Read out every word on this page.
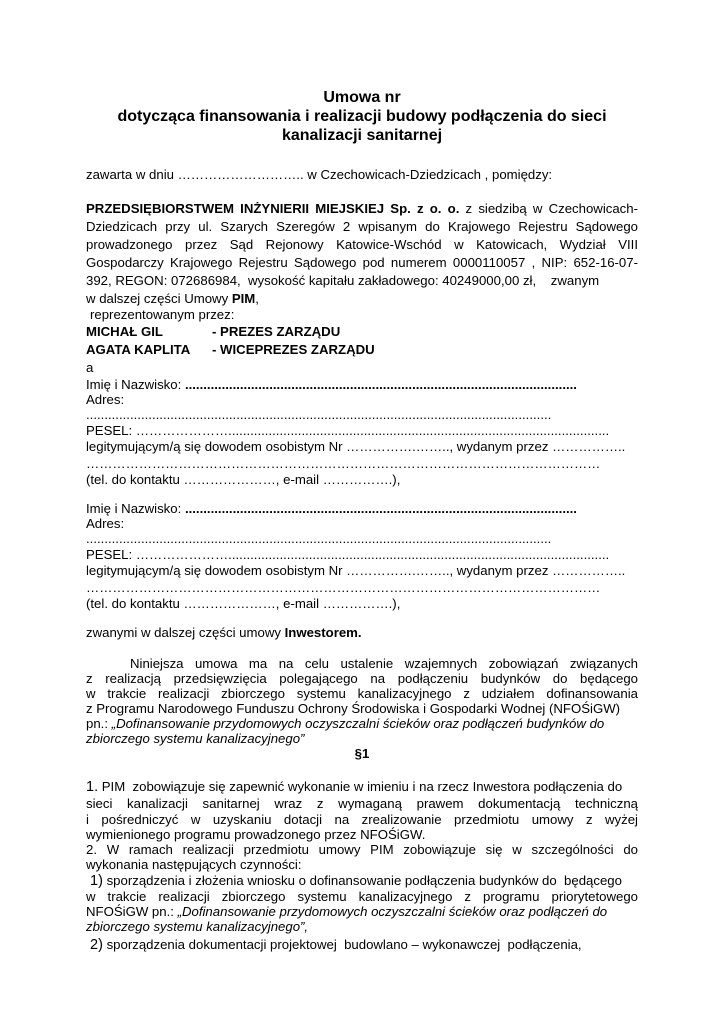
Umowa nr
dotycząca finansowania i realizacji budowy podłączenia do sieci
kanalizacji sanitarnej
zawarta w dniu ……………………….. w Czechowicach-Dziedzicach , pomiędzy:
PRZEDSIĘBIORSTWEM INŻYNIERII MIEJSKIEJ Sp. z o. o. z siedzibą w Czechowicach-
Dziedzicach przy ul. Szarych Szeregów 2 wpisanym do Krajowego Rejestru Sądowego
prowadzonego przez Sąd Rejonowy Katowice-Wschód w Katowicach, Wydział VIII
Gospodarczy Krajowego Rejestru Sądowego pod numerem 0000110057 , NIP: 652-16-07-
392, REGON: 072686984,  wysokość kapitału zakładowego: 40249000,00 zł,    zwanym
w dalszej części Umowy PIM,
reprezentowanym przez:
MICHAŁ GIL	- PREZES ZARZĄDU
AGATA KAPLITA - WICEPREZES ZARZĄDU
a
Imię i Nazwisko: ...........................................................................................................
Adres:
...............................................................................................................................
PESEL: …………………........................................................................................................
legitymującym/ą się dowodem osobistym Nr …………….…….., wydanym przez ……………..
………………………………………………………………………………………………………
(tel. do kontaktu …………………, e-mail …………….),
Imię i Nazwisko: ...........................................................................................................
Adres:
...............................................................................................................................
PESEL: …………………........................................................................................................
legitymującym/ą się dowodem osobistym Nr …………….…….., wydanym przez ……………..
………………………………………………………………………………………………………
(tel. do kontaktu …………………, e-mail …………….),
zwanymi w dalszej części umowy Inwestorem.
Niniejsza umowa ma na celu ustalenie wzajemnych zobowiązań związanych
z realizacją przedsięwzięcia polegającego na podłączeniu budynków do będącego
w trakcie realizacji zbiorczego systemu kanalizacyjnego z udziałem dofinansowania
z Programu Narodowego Funduszu Ochrony Środowiska i Gospodarki Wodnej (NFOŚiGW)
pn.: „Dofinansowanie przydomowych oczyszczalni ścieków oraz podłączeń budynków do
zbiorczego systemu kanalizacyjnego”
§1
1. PIM  zobowiązuje się zapewnić wykonanie w imieniu i na rzecz Inwestora podłączenia do
sieci kanalizacji sanitarnej wraz z wymaganą prawem dokumentacją techniczną
i pośredniczyć w uzyskaniu dotacji na zrealizowanie przedmiotu umowy z wyżej
wymienionego programu prowadzonego przez NFOŚiGW.
2. W ramach realizacji przedmiotu umowy PIM zobowiązuje się w szczególności do
wykonania następujących czynności:
1) sporządzenia i złożenia wniosku o dofinansowanie podłączenia budynków do  będącego
w trakcie realizacji zbiorczego systemu kanalizacyjnego z programu priorytetowego
NFOŚiGW pn.: „Dofinansowanie przydomowych oczyszczalni ścieków oraz podłączeń do
zbiorczego systemu kanalizacyjnego”,
2) sporządzenia dokumentacji projektowej  budowlano – wykonawczej  podłączenia,
